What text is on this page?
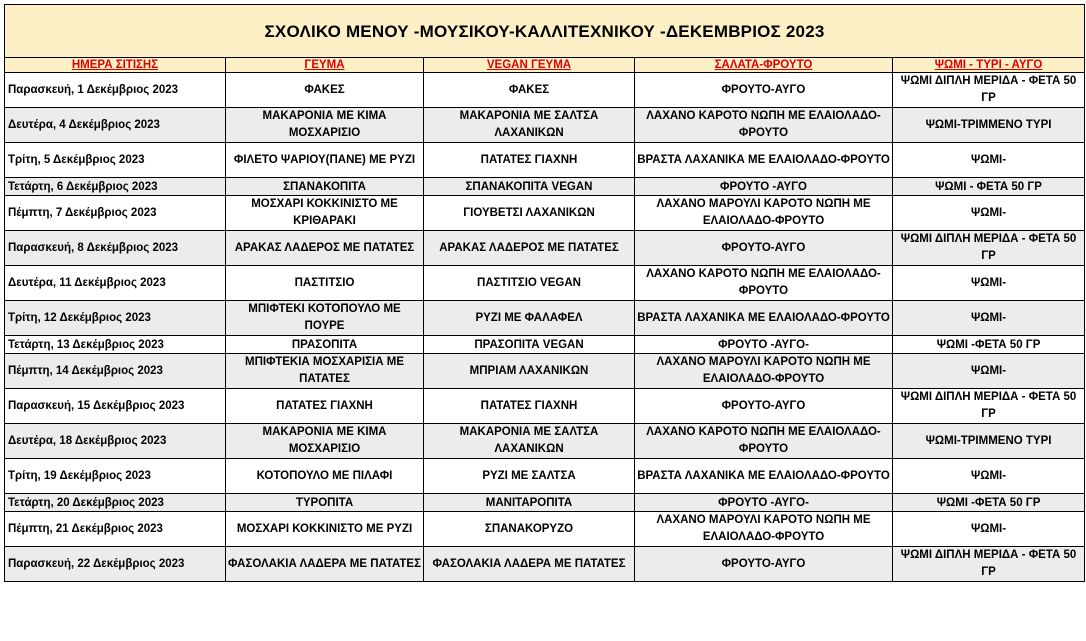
ΣΧΟΛΙΚΟ ΜΕΝΟΥ -ΜΟΥΣΙΚΟΥ-ΚΑΛΛΙΤΕΧΝΙΚΟΥ -ΔΕΚΕΜΒΡΙΟΣ 2023				
ΗΜΕΡΑ ΣΙΤΙΣΗΣ	ΓΕΥΜΑ	VEGAN ΓΕΥΜΑ	ΣΑΛΑΤΑ-ΦΡΟΥΤΟ	ΨΩΜΙ - ΤΥΡΙ - ΑΥΓΟ
Παρασκευή, 1 Δεκέμβριος 2023	ΦΑΚΕΣ	ΦΑΚΕΣ	ΦΡΟΥΤΟ-ΑΥΓΟ	ΨΩΜΙ ΔΙΠΛΗ ΜΕΡΙΔΑ - ΦΕΤΑ 50 ΓΡ
Δευτέρα, 4 Δεκέμβριος 2023	ΜΑΚΑΡΟΝΙΑ ΜΕ ΚΙΜΑ ΜΟΣΧΑΡΙΣΙΟ	ΜΑΚΑΡΟΝΙΑ ΜΕ ΣΑΛΤΣΑ ΛΑΧΑΝΙΚΩΝ	ΛΑΧΑΝΟ ΚΑΡΟΤΟ ΝΩΠΗ ΜΕ ΕΛΑΙΟΛΑΔΟ-ΦΡΟΥΤΟ	ΨΩΜΙ-ΤΡΙΜΜΕΝΟ ΤΥΡΙ
Τρίτη, 5 Δεκέμβριος 2023	ΦΙΛΕΤΟ ΨΑΡΙΟΥ(ΠΑΝΕ) ΜΕ ΡΥΖΙ	ΠΑΤΑΤΕΣ ΓΙΑΧΝΗ	ΒΡΑΣΤΑ ΛΑΧΑΝΙΚΑ ΜΕ ΕΛΑΙΟΛΑΔΟ-ΦΡΟΥΤΟ	ΨΩΜΙ-
Τετάρτη, 6 Δεκέμβριος 2023	ΣΠΑΝΑΚΟΠΙΤΑ	ΣΠΑΝΑΚΟΠΙΤΑ VEGAN	ΦΡΟΥΤΟ -ΑΥΓΟ	ΨΩΜΙ - ΦΕΤΑ 50 ΓΡ
Πέμπτη, 7 Δεκέμβριος 2023	ΜΟΣΧΑΡΙ ΚΟΚΚΙΝΙΣΤΟ ΜΕ ΚΡΙΘΑΡΑΚΙ	ΓΙΟΥΒΕΤΣΙ ΛΑΧΑΝΙΚΩΝ	ΛΑΧΑΝΟ ΜΑΡΟΥΛΙ ΚΑΡΟΤΟ ΝΩΠΗ ΜΕ ΕΛΑΙΟΛΑΔΟ-ΦΡΟΥΤΟ	ΨΩΜΙ-
Παρασκευή, 8 Δεκέμβριος 2023	ΑΡΑΚΑΣ ΛΑΔΕΡΟΣ ΜΕ ΠΑΤΑΤΕΣ	ΑΡΑΚΑΣ ΛΑΔΕΡΟΣ ΜΕ ΠΑΤΑΤΕΣ	ΦΡΟΥΤΟ-ΑΥΓΟ	ΨΩΜΙ ΔΙΠΛΗ ΜΕΡΙΔΑ - ΦΕΤΑ 50 ΓΡ
Δευτέρα, 11 Δεκέμβριος 2023	ΠΑΣΤΙΤΣΙΟ	ΠΑΣΤΙΤΣΙΟ VEGAN	ΛΑΧΑΝΟ ΚΑΡΟΤΟ ΝΩΠΗ ΜΕ ΕΛΑΙΟΛΑΔΟ-ΦΡΟΥΤΟ	ΨΩΜΙ-
Τρίτη, 12 Δεκέμβριος 2023	ΜΠΙΦΤΕΚΙ ΚΟΤΟΠΟΥΛΟ ΜΕ ΠΟΥΡΕ	ΡΥΖΙ ΜΕ ΦΑΛΑΦΕΛ	ΒΡΑΣΤΑ ΛΑΧΑΝΙΚΑ ΜΕ ΕΛΑΙΟΛΑΔΟ-ΦΡΟΥΤΟ	ΨΩΜΙ-
Τετάρτη, 13 Δεκέμβριος 2023	ΠΡΑΣΟΠΙΤΑ	ΠΡΑΣΟΠΙΤΑ VEGAN	ΦΡΟΥΤΟ -ΑΥΓΟ-	ΨΩΜΙ -ΦΕΤΑ 50 ΓΡ
Πέμπτη, 14 Δεκέμβριος 2023	ΜΠΙΦΤΕΚΙΑ ΜΟΣΧΑΡΙΣΙΑ ΜΕ ΠΑΤΑΤΕΣ	ΜΠΡΙΑΜ ΛΑΧΑΝΙΚΩΝ	ΛΑΧΑΝΟ ΜΑΡΟΥΛΙ ΚΑΡΟΤΟ ΝΩΠΗ ΜΕ ΕΛΑΙΟΛΑΔΟ-ΦΡΟΥΤΟ	ΨΩΜΙ-
Παρασκευή, 15 Δεκέμβριος 2023	ΠΑΤΑΤΕΣ ΓΙΑΧΝΗ	ΠΑΤΑΤΕΣ ΓΙΑΧΝΗ	ΦΡΟΥΤΟ-ΑΥΓΟ	ΨΩΜΙ ΔΙΠΛΗ ΜΕΡΙΔΑ - ΦΕΤΑ 50 ΓΡ
Δευτέρα, 18 Δεκέμβριος 2023	ΜΑΚΑΡΟΝΙΑ ΜΕ ΚΙΜΑ ΜΟΣΧΑΡΙΣΙΟ	ΜΑΚΑΡΟΝΙΑ ΜΕ ΣΑΛΤΣΑ ΛΑΧΑΝΙΚΩΝ	ΛΑΧΑΝΟ ΚΑΡΟΤΟ ΝΩΠΗ ΜΕ ΕΛΑΙΟΛΑΔΟ-ΦΡΟΥΤΟ	ΨΩΜΙ-ΤΡΙΜΜΕΝΟ ΤΥΡΙ
Τρίτη, 19 Δεκέμβριος 2023	ΚΟΤΟΠΟΥΛΟ ΜΕ ΠΙΛΑΦΙ	ΡΥΖΙ ΜΕ ΣΑΛΤΣΑ	ΒΡΑΣΤΑ ΛΑΧΑΝΙΚΑ ΜΕ ΕΛΑΙΟΛΑΔΟ-ΦΡΟΥΤΟ	ΨΩΜΙ-
Τετάρτη, 20 Δεκέμβριος 2023	ΤΥΡΟΠΙΤΑ	ΜΑΝΙΤΑΡΟΠΙΤΑ	ΦΡΟΥΤΟ -ΑΥΓΟ-	ΨΩΜΙ -ΦΕΤΑ 50 ΓΡ
Πέμπτη, 21 Δεκέμβριος 2023	ΜΟΣΧΑΡΙ ΚΟΚΚΙΝΙΣΤΟ ΜΕ ΡΥΖΙ	ΣΠΑΝΑΚΟΡΥΖΟ	ΛΑΧΑΝΟ ΜΑΡΟΥΛΙ ΚΑΡΟΤΟ ΝΩΠΗ ΜΕ ΕΛΑΙΟΛΑΔΟ-ΦΡΟΥΤΟ	ΨΩΜΙ-
Παρασκευή, 22 Δεκέμβριος 2023	ΦΑΣΟΛΑΚΙΑ ΛΑΔΕΡΑ ΜΕ ΠΑΤΑΤΕΣ	ΦΑΣΟΛΑΚΙΑ ΛΑΔΕΡΑ ΜΕ ΠΑΤΑΤΕΣ	ΦΡΟΥΤΟ-ΑΥΓΟ	ΨΩΜΙ ΔΙΠΛΗ ΜΕΡΙΔΑ - ΦΕΤΑ 50 ΓΡ
